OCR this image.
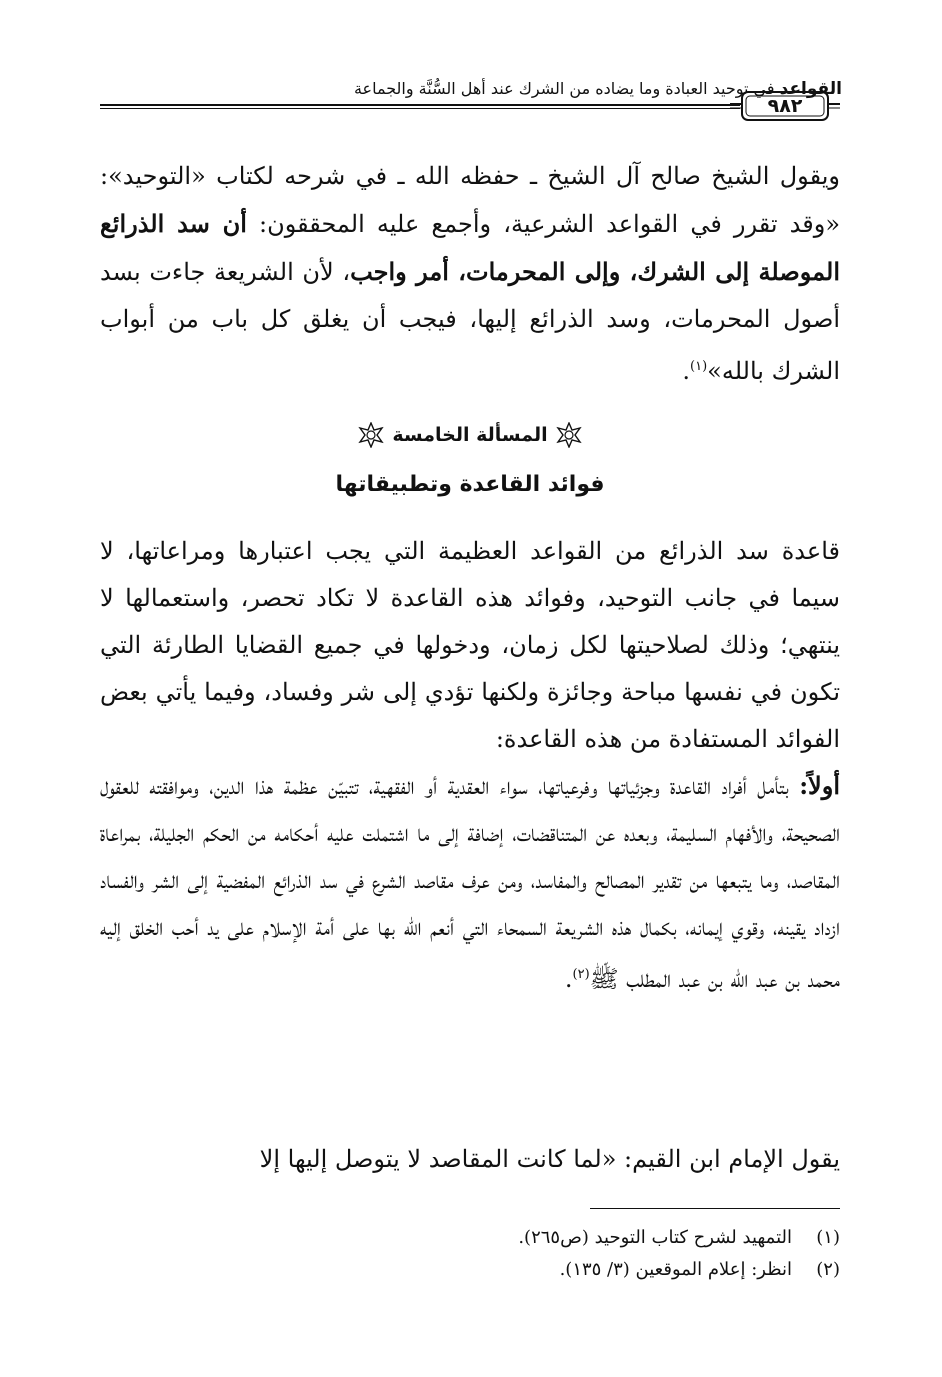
القواعد في توحيد العبادة وما يضاده من الشرك عند أهل السُّنَّة والجماعة
٩٨٢

ويقول الشيخ صالح آل الشيخ ـ حفظه الله ـ في شرحه لكتاب «التوحيد»: «وقد تقرر في القواعد الشرعية، وأجمع عليه المحققون: أن سد الذرائع الموصلة إلى الشرك، وإلى المحرمات، أمر واجب، لأن الشريعة جاءت بسد أصول المحرمات، وسد الذرائع إليها، فيجب أن يغلق كل باب من أبواب الشرك بالله»$^{(١)}$.

المسألة الخامسة
فوائد القاعدة وتطبيقاتها

قاعدة سد الذرائع من القواعد العظيمة التي يجب اعتبارها ومراعاتها، لا سيما في جانب التوحيد، وفوائد هذه القاعدة لا تكاد تحصر، واستعمالها لا ينتهي؛ وذلك لصلاحيتها لكل زمان، ودخولها في جميع القضايا الطارئة التي تكون في نفسها مباحة وجائزة ولكنها تؤدي إلى شر وفساد، وفيما يأتي بعض الفوائد المستفادة من هذه القاعدة:

أولاً: بتأمل أفراد القاعدة وجزئياتها وفرعياتها، سواء العقدية أو الفقهية، تتبيّن عظمة هذا الدين، وموافقته للعقول الصحيحة، والأفهام السليمة، وبعده عن المتناقضات، إضافة إلى ما اشتملت عليه أحكامه من الحكم الجليلة، بمراعاة المقاصد، وما يتبعها من تقدير المصالح والمفاسد، ومن عرف مقاصد الشرع في سد الذرائع المفضية إلى الشر والفساد ازداد يقينه، وقوي إيمانه، بكمال هذه الشريعة السمحاء التي أنعم الله بها على أمة الإسلام على يد أحب الخلق إليه محمد بن عبد الله بن عبد المطلب ﷺ$^{(٢)}$.

يقول الإمام ابن القيم: «لما كانت المقاصد لا يتوصل إليها إلا

(١)التمهيد لشرح كتاب التوحيد (ص٢٦٥).
(٢)انظر: إعلام الموقعين (٣/ ١٣٥).
